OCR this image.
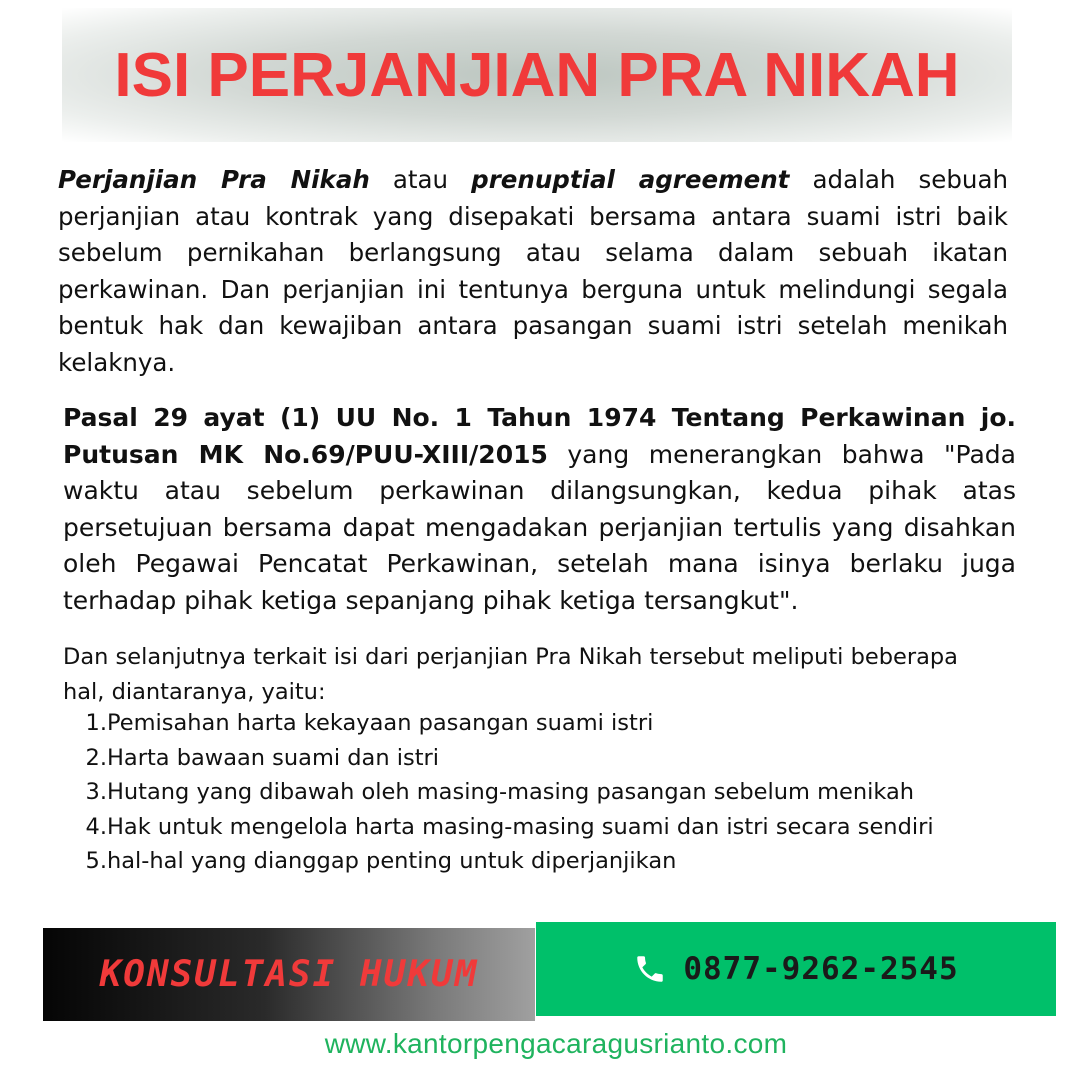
ISI PERJANJIAN PRA NIKAH

Perjanjian Pra Nikah atau prenuptial agreement adalah sebuah perjanjian atau kontrak yang disepakati bersama antara suami istri baik sebelum pernikahan berlangsung atau selama dalam sebuah ikatan perkawinan. Dan perjanjian ini tentunya berguna untuk melindungi segala bentuk hak dan kewajiban antara pasangan suami istri setelah menikah kelaknya.

Pasal 29 ayat (1) UU No. 1 Tahun 1974 Tentang Perkawinan jo. Putusan MK No.69/PUU-XIII/2015 yang menerangkan bahwa "Pada waktu atau sebelum perkawinan dilangsungkan, kedua pihak atas persetujuan bersama dapat mengadakan perjanjian tertulis yang disahkan oleh Pegawai Pencatat Perkawinan, setelah mana isinya berlaku juga terhadap pihak ketiga sepanjang pihak ketiga tersangkut".

Dan selanjutnya terkait isi dari perjanjian Pra Nikah tersebut meliputi beberapa
hal, diantaranya, yaitu:

1. Pemisahan harta kekayaan pasangan suami istri
2. Harta bawaan suami dan istri
3. Hutang yang dibawah oleh masing-masing pasangan sebelum menikah
4. Hak untuk mengelola harta masing-masing suami dan istri secara sendiri
5. hal-hal yang dianggap penting untuk diperjanjikan
KONSULTASI HUKUM	0877-9262-2545
www.kantorpengacaragusrianto.com
